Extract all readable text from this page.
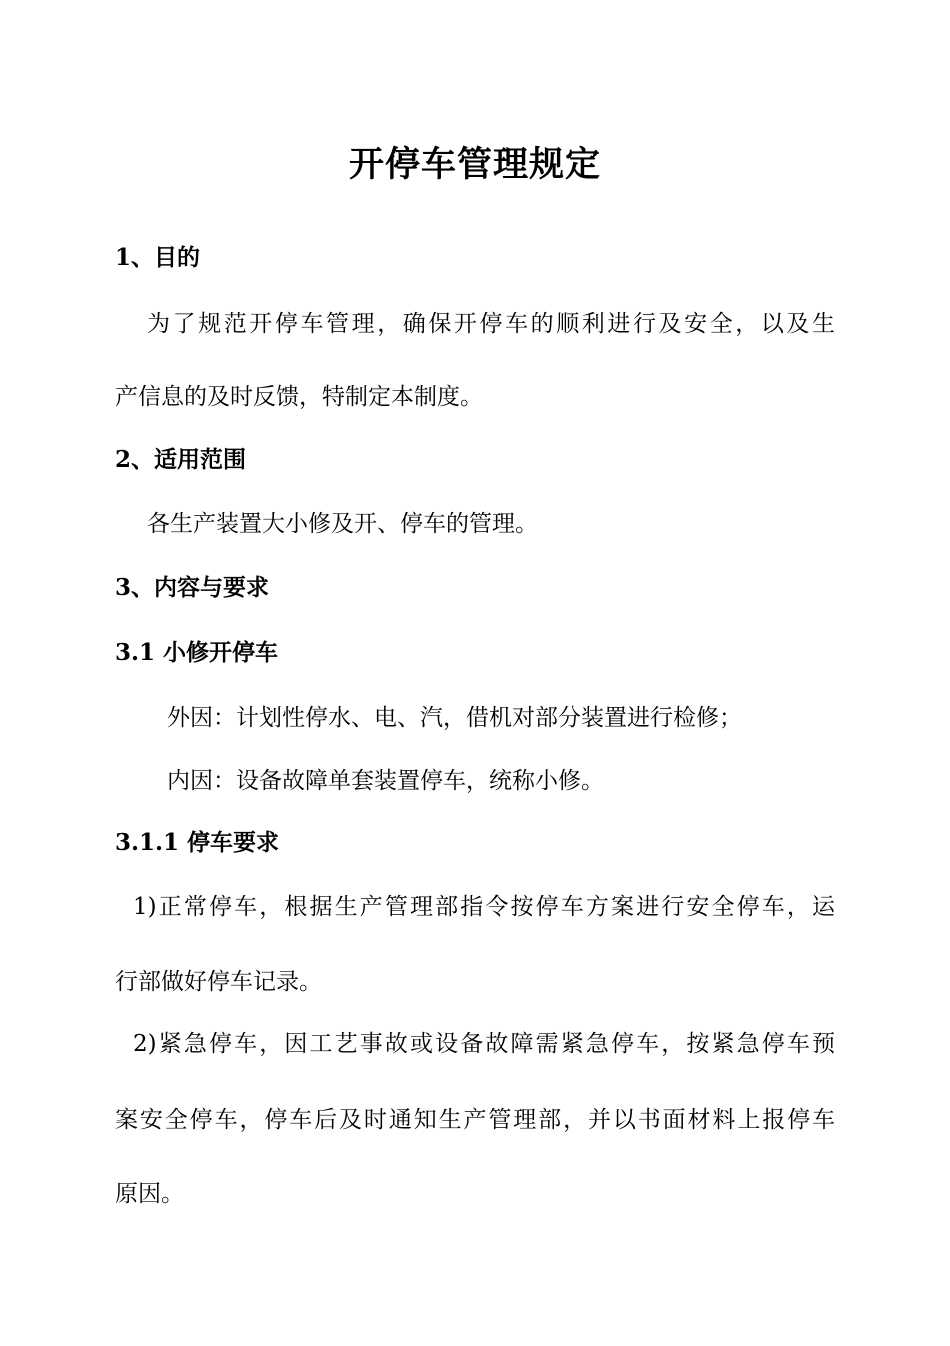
开停车管理规定
1、目的
为了规范开停车管理，确保开停车的顺利进行及安全，以及生
产信息的及时反馈，特制定本制度。
2、适用范围
各生产装置大小修及开、停车的管理。
3、内容与要求
3.1 小修开停车
外因：计划性停水、电、汽，借机对部分装置进行检修；
内因：设备故障单套装置停车，统称小修。
3.1.1 停车要求
1)正常停车，根据生产管理部指令按停车方案进行安全停车，运
行部做好停车记录。
2)紧急停车，因工艺事故或设备故障需紧急停车，按紧急停车预
案安全停车，停车后及时通知生产管理部，并以书面材料上报停车
原因。
